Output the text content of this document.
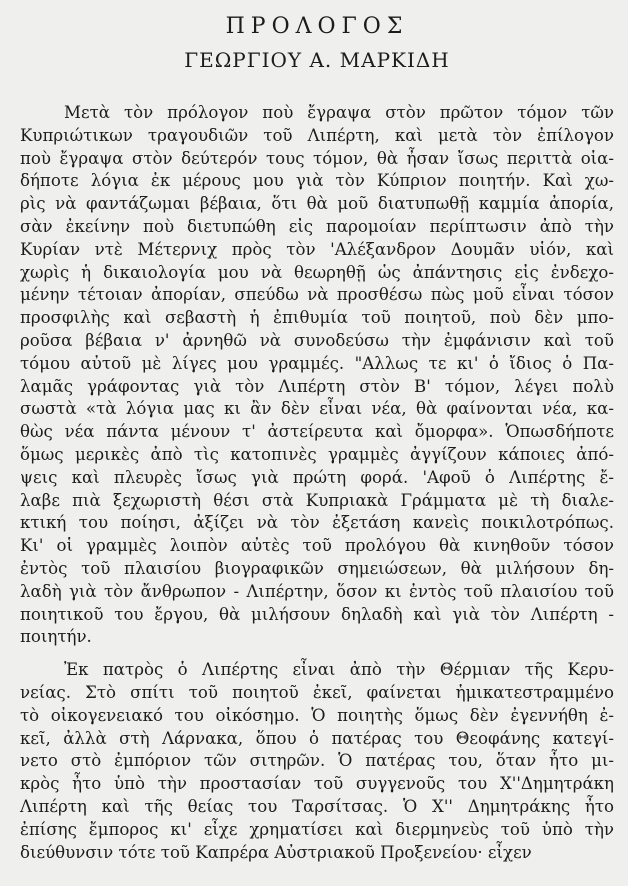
ΠΡΟΛΟΓΟΣ
ΓΕΩΡΓΙΟΥ Α. ΜΑΡΚΙΔΗ

Μετὰ τὸν πρόλογον ποὺ ἔγραψα στὸν πρῶτον τόμον τῶν
Κυπριώτικων τραγουδιῶν τοῦ Λιπέρτη, καὶ μετὰ τὸν ἐπίλογον
ποὺ ἔγραψα στὸν δεύτερόν τους τόμον, θὰ ἦσαν ἴσως περιττὰ οἱα-
δήποτε λόγια ἐκ μέρους μου γιὰ τὸν Κύπριον ποιητήν. Καὶ χω-
ρὶς νὰ φαντάζωμαι βέβαια, ὅτι θὰ μοῦ διατυπωθῇ καμμία ἀπορία,
σὰν ἐκείνην ποὺ διετυπώθη εἰς παρομοίαν περίπτωσιν ἀπὸ τὴν
Κυρίαν ντὲ Μέτερνιχ πρὸς τὸν 'Αλέξανδρον Δουμᾶν υἱόν, καὶ
χωρὶς ἡ δικαιολογία μου νὰ θεωρηθῇ ὡς ἀπάντησις εἰς ἐνδεχο-
μένην τέτοιαν ἀπορίαν, σπεύδω νὰ προσθέσω πὼς μοῦ εἶναι τόσον
προσφιλὴς καὶ σεβαστὴ ἡ ἐπιθυμία τοῦ ποιητοῦ, ποὺ δὲν μπο-
ροῦσα βέβαια ν' ἀρνηθῶ νὰ συνοδεύσω τὴν ἐμφάνισιν καὶ τοῦ
τόμου αὐτοῦ μὲ λίγες μου γραμμές. "Αλλως τε κι' ὁ ἴδιος ὁ Πα-
λαμᾶς γράφοντας γιὰ τὸν Λιπέρτη στὸν Β' τόμον, λέγει πολὺ
σωστὰ «τὰ λόγια μας κι ἂν δὲν εἶναι νέα, θὰ φαίνονται νέα, κα-
θὼς νέα πάντα μένουν τ' ἀστείρευτα καὶ ὄμορφα». Ὁπωσδήποτε
ὅμως μερικὲς ἀπὸ τὶς κατοπινὲς γραμμὲς ἀγγίζουν κάποιες ἀπό-
ψεις καὶ πλευρὲς ἴσως γιὰ πρώτη φορά. 'Αφοῦ ὁ Λιπέρτης ἔ-
λαβε πιὰ ξεχωριστὴ θέσι στὰ Κυπριακὰ Γράμματα μὲ τὴ διαλε-
κτική του ποίησι, ἀξίζει νὰ τὸν ἐξετάση κανεὶς ποικιλοτρόπως.
Κι' οἱ γραμμὲς λοιπὸν αὐτὲς τοῦ προλόγου θὰ κινηθοῦν τόσον
ἐντὸς τοῦ πλαισίου βιογραφικῶν σημειώσεων, θὰ μιλήσουν δη-
λαδὴ γιὰ τὸν ἄνθρωπον - Λιπέρτην, ὅσον κι ἐντὸς τοῦ πλαισίου τοῦ
ποιητικοῦ του ἔργου, θὰ μιλήσουν δηλαδὴ καὶ γιὰ τὸν Λιπέρτη -
ποιητήν.

Ἐκ πατρὸς ὁ Λιπέρτης εἶναι ἀπὸ τὴν Θέρμιαν τῆς Κερυ-
νείας. Στὸ σπίτι τοῦ ποιητοῦ ἐκεῖ, φαίνεται ἡμικατεστραμμένο
τὸ οἰκογενειακό του οἰκόσημο. Ὁ ποιητὴς ὅμως δὲν ἐγεννήθη ἐ-
κεῖ, ἀλλὰ στὴ Λάρνακα, ὅπου ὁ πατέρας του Θεοφάνης κατεγί-
νετο στὸ ἐμπόριον τῶν σιτηρῶν. Ὁ πατέρας του, ὅταν ἦτο μι-
κρὸς ἦτο ὑπὸ τὴν προστασίαν τοῦ συγγενοῦς του Χ''Δημητράκη
Λιπέρτη καὶ τῆς θείας του Ταρσίτσας. Ὁ Χ'' Δημητράκης ἦτο
ἐπίσης ἔμπορος κι' εἶχε χρηματίσει καὶ διερμηνεὺς τοῦ ὑπὸ τὴν
διεύθυνσιν τότε τοῦ Καπρέρα Αὐστριακοῦ Προξενείου· εἶχεν
